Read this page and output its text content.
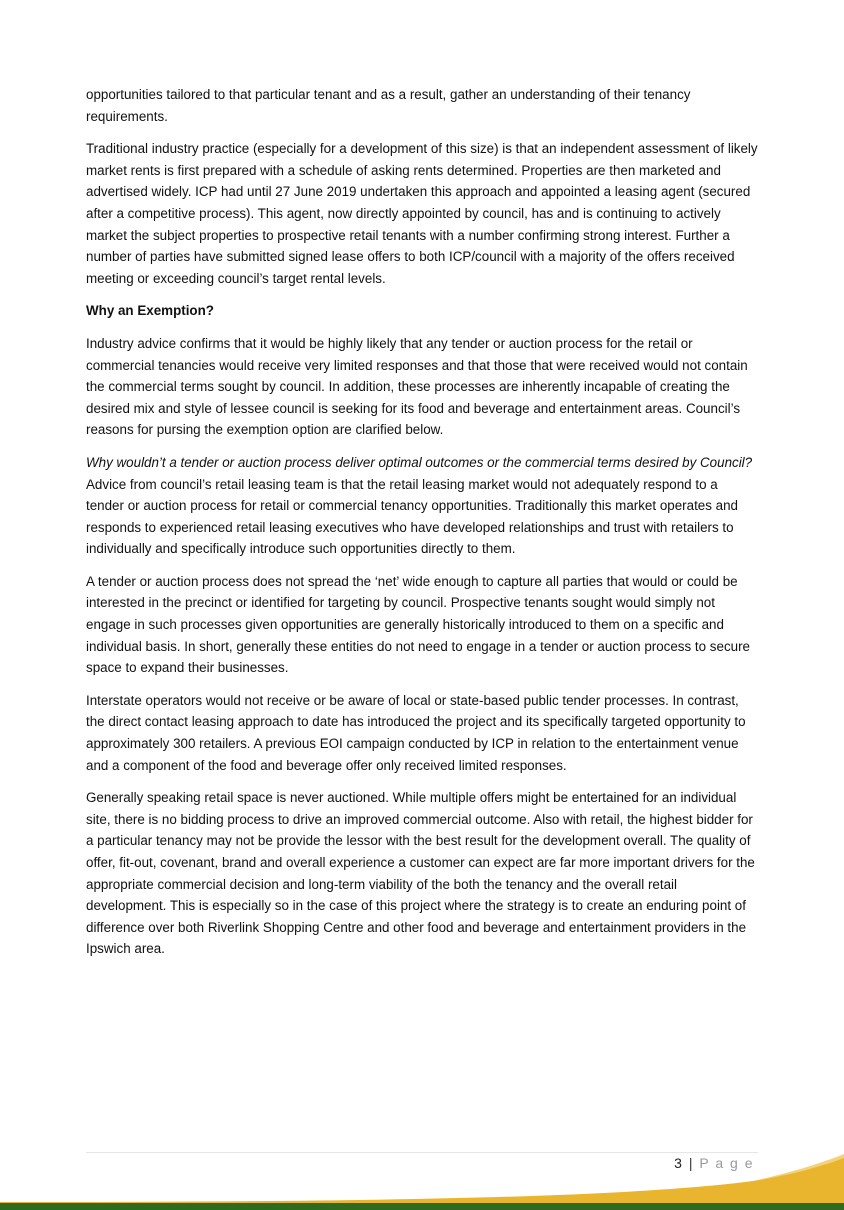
opportunities tailored to that particular tenant and as a result, gather an understanding of their tenancy requirements.

Traditional industry practice (especially for a development of this size) is that an independent assessment of likely market rents is first prepared with a schedule of asking rents determined. Properties are then marketed and advertised widely. ICP had until 27 June 2019 undertaken this approach and appointed a leasing agent (secured after a competitive process). This agent, now directly appointed by council, has and is continuing to actively market the subject properties to prospective retail tenants with a number confirming strong interest. Further a number of parties have submitted signed lease offers to both ICP/council with a majority of the offers received meeting or exceeding council’s target rental levels.

Why an Exemption?

Industry advice confirms that it would be highly likely that any tender or auction process for the retail or commercial tenancies would receive very limited responses and that those that were received would not contain the commercial terms sought by council. In addition, these processes are inherently incapable of creating the desired mix and style of lessee council is seeking for its food and beverage and entertainment areas. Council’s reasons for pursing the exemption option are clarified below.

Why wouldn’t a tender or auction process deliver optimal outcomes or the commercial terms desired by Council? Advice from council’s retail leasing team is that the retail leasing market would not adequately respond to a tender or auction process for retail or commercial tenancy opportunities. Traditionally this market operates and responds to experienced retail leasing executives who have developed relationships and trust with retailers to individually and specifically introduce such opportunities directly to them.

A tender or auction process does not spread the ‘net’ wide enough to capture all parties that would or could be interested in the precinct or identified for targeting by council. Prospective tenants sought would simply not engage in such processes given opportunities are generally historically introduced to them on a specific and individual basis. In short, generally these entities do not need to engage in a tender or auction process to secure space to expand their businesses.

Interstate operators would not receive or be aware of local or state-based public tender processes. In contrast, the direct contact leasing approach to date has introduced the project and its specifically targeted opportunity to approximately 300 retailers. A previous EOI campaign conducted by ICP in relation to the entertainment venue and a component of the food and beverage offer only received limited responses.

Generally speaking retail space is never auctioned. While multiple offers might be entertained for an individual site, there is no bidding process to drive an improved commercial outcome. Also with retail, the highest bidder for a particular tenancy may not be provide the lessor with the best result for the development overall. The quality of offer, fit-out, covenant, brand and overall experience a customer can expect are far more important drivers for the appropriate commercial decision and long-term viability of the both the tenancy and the overall retail development. This is especially so in the case of this project where the strategy is to create an enduring point of difference over both Riverlink Shopping Centre and other food and beverage and entertainment providers in the Ipswich area.

3 | P a g e
